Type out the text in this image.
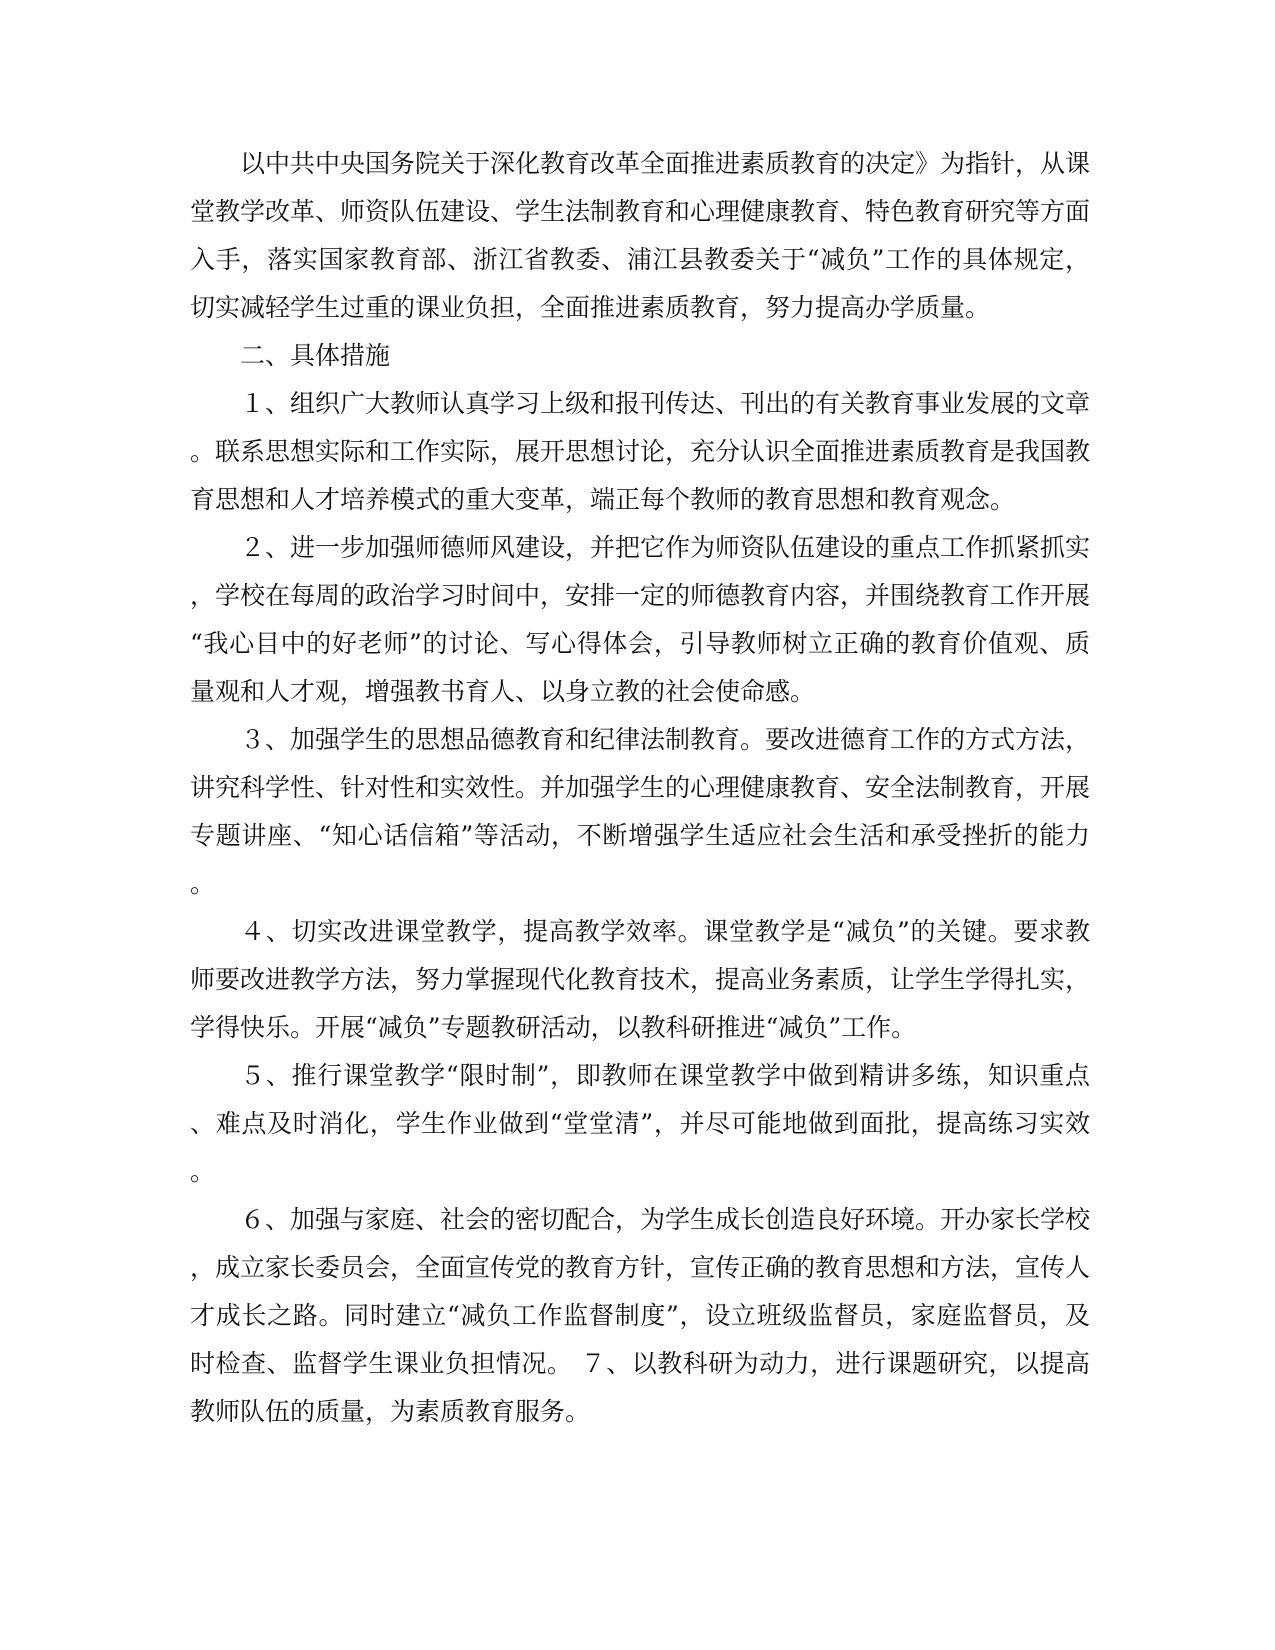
以中共中央国务院关于深化教育改革全面推进素质教育的决定》为指针，从课堂教学改革、师资队伍建设、学生法制教育和心理健康教育、特色教育研究等方面入手，落实国家教育部、浙江省教委、浦江县教委关于“减负”工作的具体规定，切实减轻学生过重的课业负担，全面推进素质教育，努力提高办学质量。

二、具体措施

１、组织广大教师认真学习上级和报刊传达、刊出的有关教育事业发展的文章。联系思想实际和工作实际，展开思想讨论，充分认识全面推进素质教育是我国教育思想和人才培养模式的重大变革，端正每个教师的教育思想和教育观念。

２、进一步加强师德师风建设，并把它作为师资队伍建设的重点工作抓紧抓实，学校在每周的政治学习时间中，安排一定的师德教育内容，并围绕教育工作开展“我心目中的好老师”的讨论、写心得体会，引导教师树立正确的教育价值观、质量观和人才观，增强教书育人、以身立教的社会使命感。

３、加强学生的思想品德教育和纪律法制教育。要改进德育工作的方式方法，讲究科学性、针对性和实效性。并加强学生的心理健康教育、安全法制教育，开展专题讲座、“知心话信箱”等活动，不断增强学生适应社会生活和承受挫折的能力。

４、切实改进课堂教学，提高教学效率。课堂教学是“减负”的关键。要求教师要改进教学方法，努力掌握现代化教育技术，提高业务素质，让学生学得扎实，学得快乐。开展“减负”专题教研活动，以教科研推进“减负”工作。

５、推行课堂教学“限时制”，即教师在课堂教学中做到精讲多练，知识重点、难点及时消化，学生作业做到“堂堂清”，并尽可能地做到面批，提高练习实效。

６、加强与家庭、社会的密切配合，为学生成长创造良好环境。开办家长学校，成立家长委员会，全面宣传党的教育方针，宣传正确的教育思想和方法，宣传人才成长之路。同时建立“减负工作监督制度”，设立班级监督员，家庭监督员，及时检查、监督学生课业负担情况。 ７、以教科研为动力，进行课题研究，以提高教师队伍的质量，为素质教育服务。
